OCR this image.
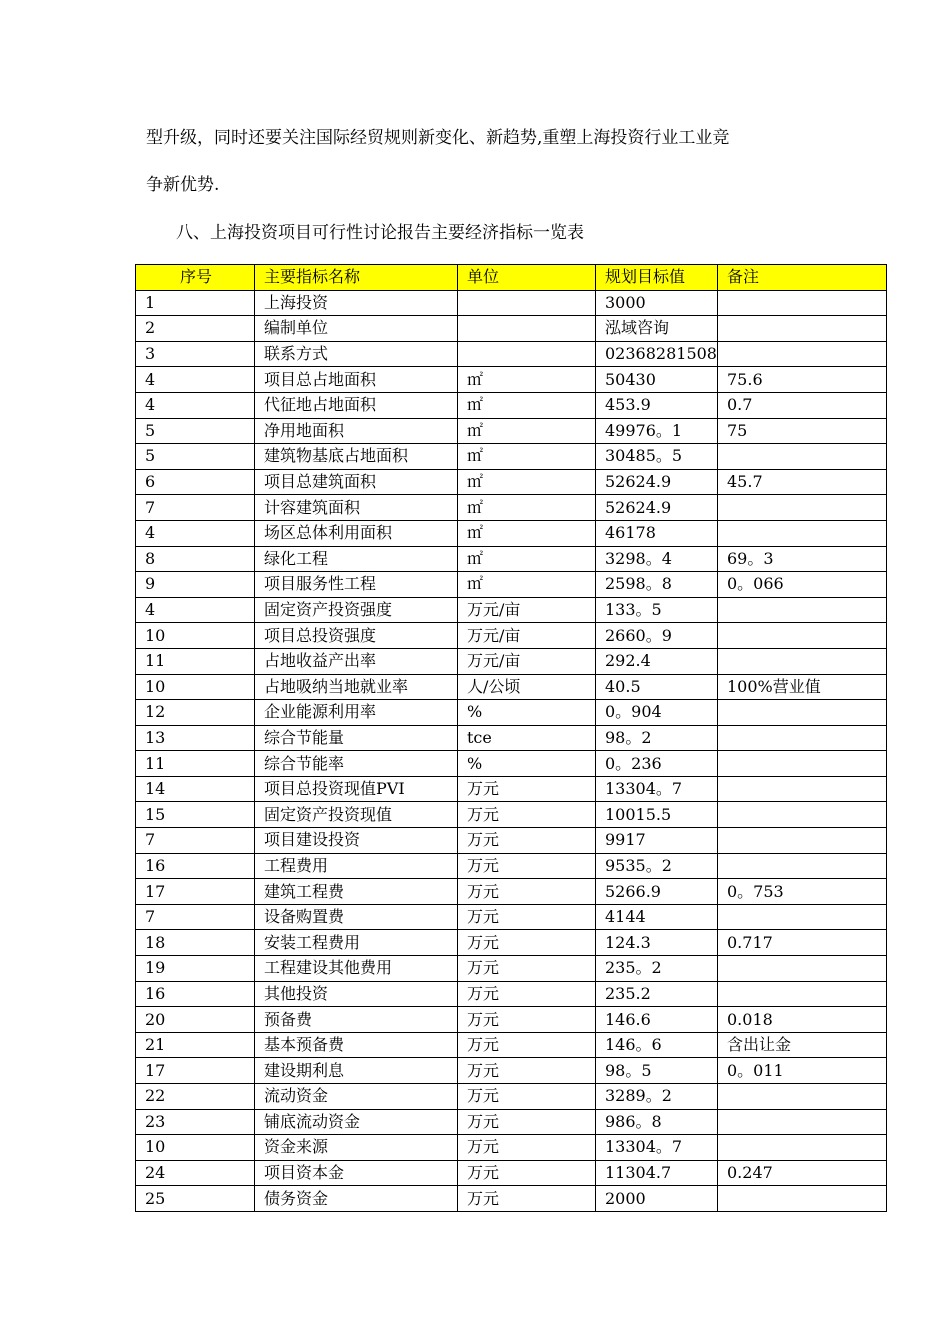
型升级，同时还要关注国际经贸规则新变化、新趋势,重塑上海投资行业工业竞
争新优势.
八、上海投资项目可行性讨论报告主要经济指标一览表
序号	主要指标名称	单位	规划目标值	备注
1	上海投资		3000	
2	编制单位		泓域咨询	
3	联系方式		02368281508	
4	项目总占地面积	㎡	50430	75.6
4	代征地占地面积	㎡	453.9	0.7
5	净用地面积	㎡	49976。1	75
5	建筑物基底占地面积	㎡	30485。5	
6	项目总建筑面积	㎡	52624.9	45.7
7	计容建筑面积	㎡	52624.9	
4	场区总体利用面积	㎡	46178	
8	绿化工程	㎡	3298。4	69。3
9	项目服务性工程	㎡	2598。8	0。066
4	固定资产投资强度	万元/亩	133。5	
10	项目总投资强度	万元/亩	2660。9	
11	占地收益产出率	万元/亩	292.4	
10	占地吸纳当地就业率	人/公顷	40.5	100%营业值
12	企业能源利用率	%	0。904	
13	综合节能量	tce	98。2	
11	综合节能率	%	0。236	
14	项目总投资现值PVI	万元	13304。7	
15	固定资产投资现值	万元	10015.5	
7	项目建设投资	万元	9917	
16	工程费用	万元	9535。2	
17	建筑工程费	万元	5266.9	0。753
7	设备购置费	万元	4144	
18	安装工程费用	万元	124.3	0.717
19	工程建设其他费用	万元	235。2	
16	其他投资	万元	235.2	
20	预备费	万元	146.6	0.018
21	基本预备费	万元	146。6	含出让金
17	建设期利息	万元	98。5	0。011
22	流动资金	万元	3289。2	
23	铺底流动资金	万元	986。8	
10	资金来源	万元	13304。7	
24	项目资本金	万元	11304.7	0.247
25	债务资金	万元	2000	
